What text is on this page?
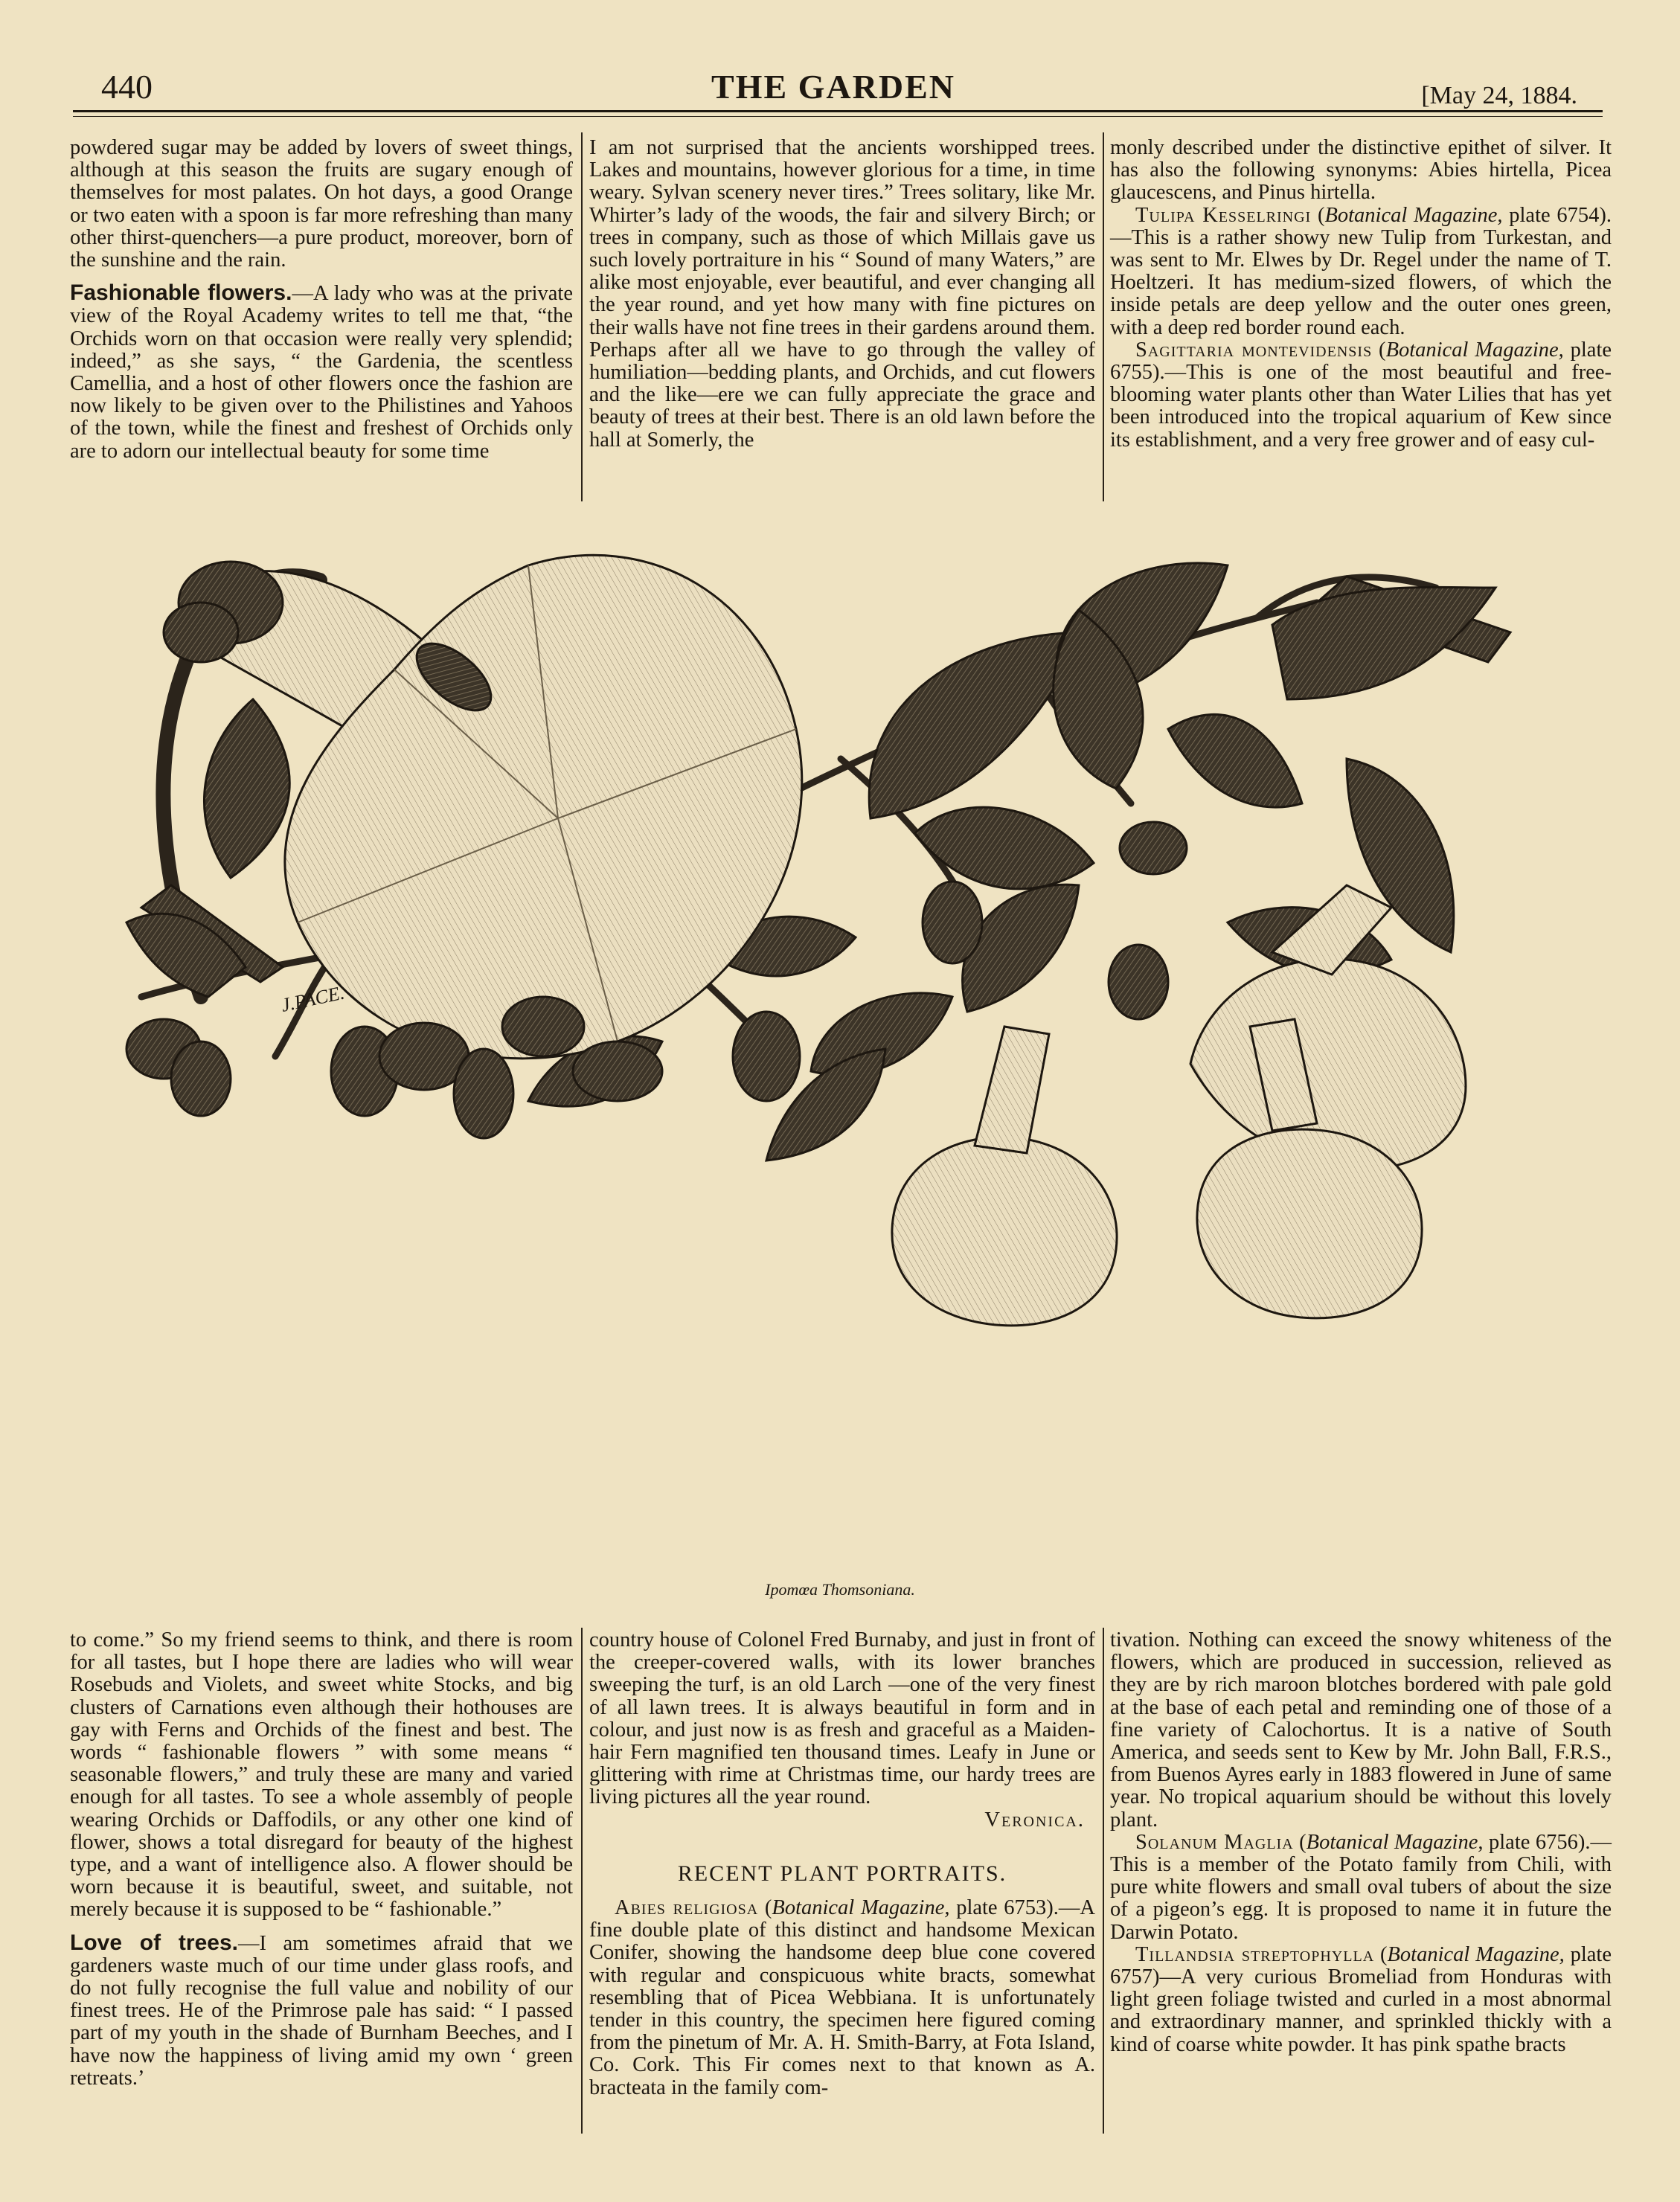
440	THE GARDEN	[May 24, 1884.

powdered sugar may be added by lovers of sweet things, although at this season the fruits are sugary enough of themselves for most palates. On hot days, a good Orange or two eaten with a spoon is far more refreshing than many other thirst-quenchers—a pure product, moreover, born of the sunshine and the rain.

Fashionable flowers.—A lady who was at the private view of the Royal Academy writes to tell me that, “the Orchids worn on that occasion were really very splendid; indeed,” as she says, “ the Gardenia, the scentless Camellia, and a host of other flowers once the fashion are now likely to be given over to the Philistines and Yahoos of the town, while the finest and freshest of Orchids only are to adorn our intellectual beauty for some time

I am not surprised that the ancients worshipped trees. Lakes and mountains, however glorious for a time, in time weary. Sylvan scenery never tires.” Trees solitary, like Mr. Whirter’s lady of the woods, the fair and silvery Birch; or trees in company, such as those of which Millais gave us such lovely portraiture in his “ Sound of many Waters,” are alike most enjoyable, ever beautiful, and ever changing all the year round, and yet how many with fine pictures on their walls have not fine trees in their gardens around them. Perhaps after all we have to go through the valley of humiliation—bedding plants, and Orchids, and cut flowers and the like—ere we can fully appreciate the grace and beauty of trees at their best. There is an old lawn before the hall at Somerly, the

monly described under the distinctive epithet of silver. It has also the following synonyms: Abies hirtella, Picea glaucescens, and Pinus hirtella.

Tulipa Kesselringi (Botanical Magazine, plate 6754).—This is a rather showy new Tulip from Turkestan, and was sent to Mr. Elwes by Dr. Regel under the name of T. Hoeltzeri. It has medium-sized flowers, of which the inside petals are deep yellow and the outer ones green, with a deep red border round each.

Sagittaria montevidensis (Botanical Magazine, plate 6755).—This is one of the most beautiful and free-blooming water plants other than Water Lilies that has yet been introduced into the tropical aquarium of Kew since its establishment, and a very free grower and of easy cul-

J.PACE.
Ipomœa Thomsoniana.

to come.” So my friend seems to think, and there is room for all tastes, but I hope there are ladies who will wear Rosebuds and Violets, and sweet white Stocks, and big clusters of Carnations even although their hothouses are gay with Ferns and Orchids of the finest and best. The words “ fashionable flowers ” with some means “ seasonable flowers,” and truly these are many and varied enough for all tastes. To see a whole assembly of people wearing Orchids or Daffodils, or any other one kind of flower, shows a total disregard for beauty of the highest type, and a want of intelligence also. A flower should be worn because it is beautiful, sweet, and suitable, not merely because it is supposed to be “ fashionable.”

Love of trees.—I am sometimes afraid that we gardeners waste much of our time under glass roofs, and do not fully recognise the full value and nobility of our finest trees. He of the Primrose pale has said: “ I passed part of my youth in the shade of Burnham Beeches, and I have now the happiness of living amid my own ‘ green retreats.’

country house of Colonel Fred Burnaby, and just in front of the creeper-covered walls, with its lower branches sweeping the turf, is an old Larch —one of the very finest of all lawn trees. It is always beautiful in form and in colour, and just now is as fresh and graceful as a Maiden-hair Fern magnified ten thousand times. Leafy in June or glittering with rime at Christmas time, our hardy trees are living pictures all the year round.

Veronica.

RECENT PLANT PORTRAITS.

Abies religiosa (Botanical Magazine, plate 6753).—A fine double plate of this distinct and handsome Mexican Conifer, showing the handsome deep blue cone covered with regular and conspicuous white bracts, somewhat resembling that of Picea Webbiana. It is unfortunately tender in this country, the specimen here figured coming from the pinetum of Mr. A. H. Smith-Barry, at Fota Island, Co. Cork. This Fir comes next to that known as A. bracteata in the family com-

tivation. Nothing can exceed the snowy whiteness of the flowers, which are produced in succession, relieved as they are by rich maroon blotches bordered with pale gold at the base of each petal and reminding one of those of a fine variety of Calochortus. It is a native of South America, and seeds sent to Kew by Mr. John Ball, F.R.S., from Buenos Ayres early in 1883 flowered in June of same year. No tropical aquarium should be without this lovely plant.

Solanum Maglia (Botanical Magazine, plate 6756).—This is a member of the Potato family from Chili, with pure white flowers and small oval tubers of about the size of a pigeon’s egg. It is proposed to name it in future the Darwin Potato.

Tillandsia streptophylla (Botanical Magazine, plate 6757)—A very curious Bromeliad from Honduras with light green foliage twisted and curled in a most abnormal and extraordinary manner, and sprinkled thickly with a kind of coarse white powder. It has pink spathe bracts
